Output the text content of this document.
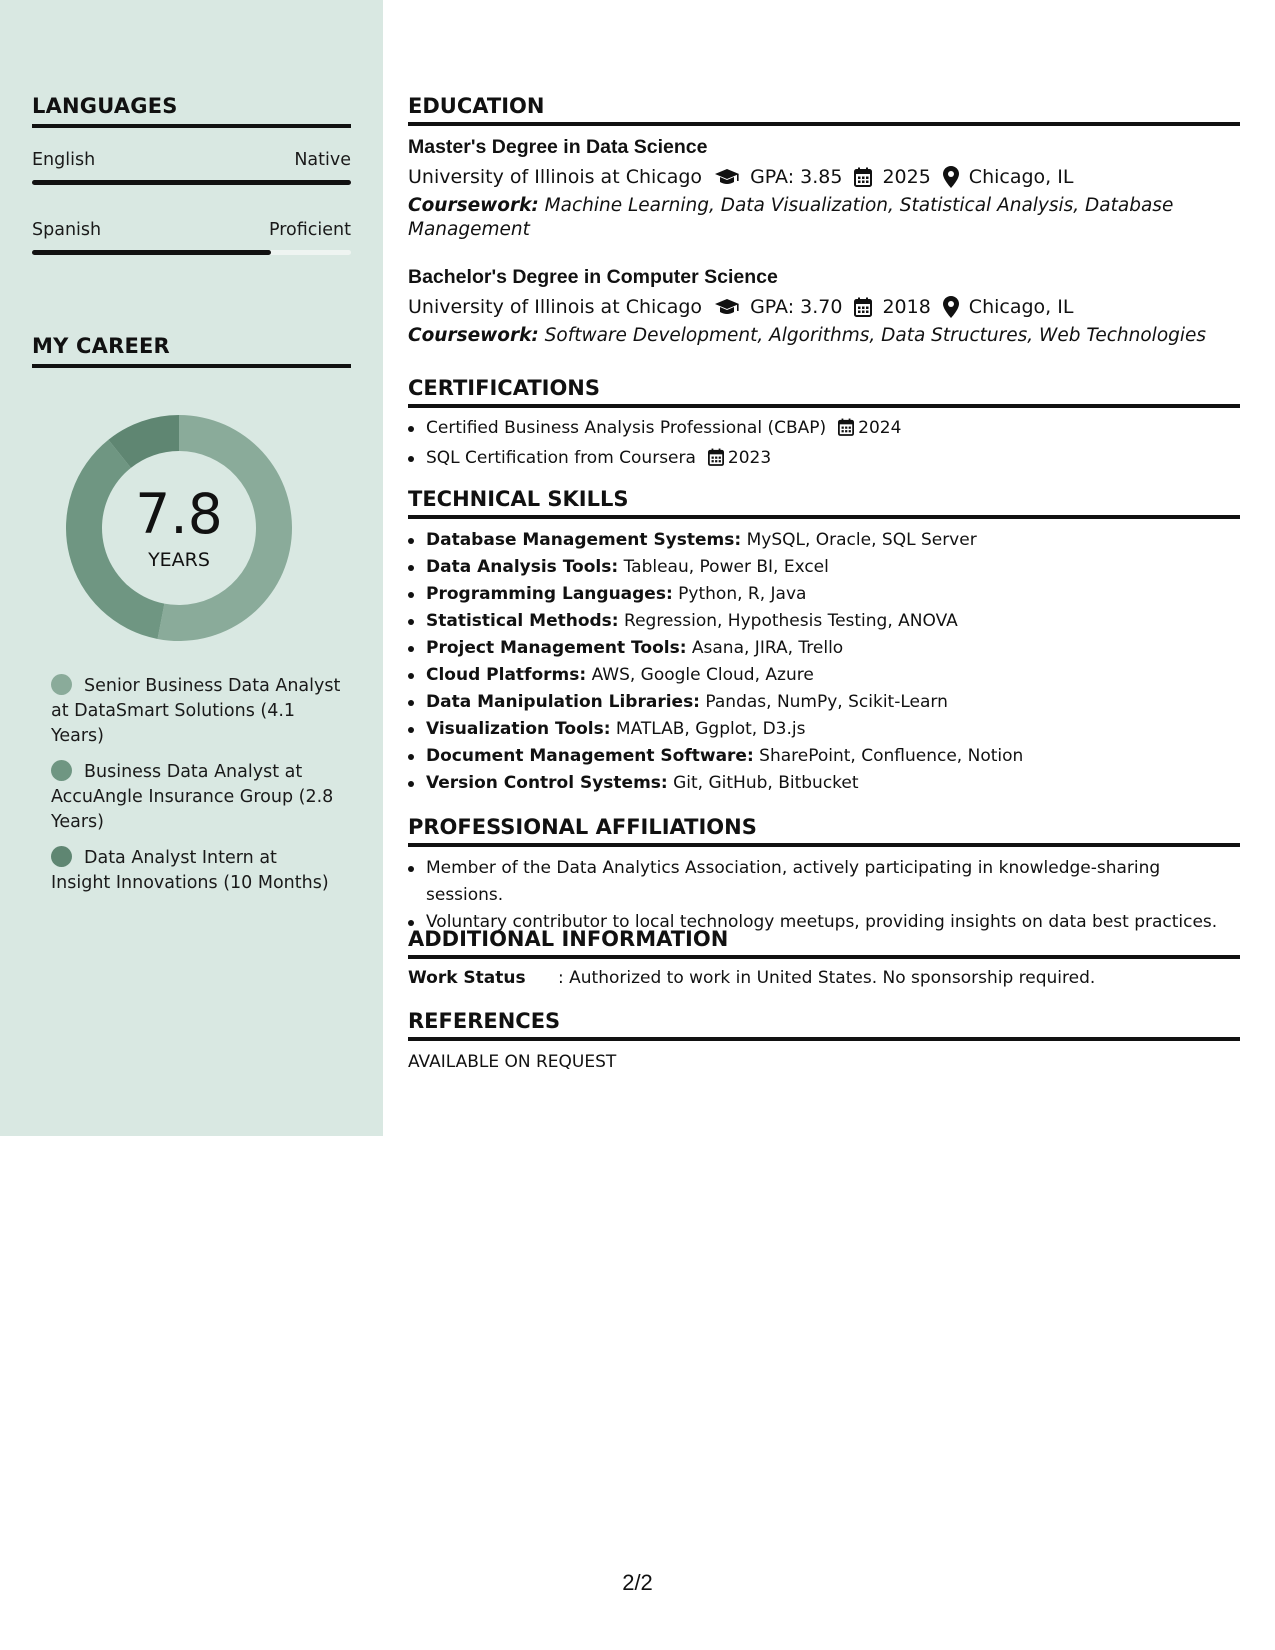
LANGUAGES
English	Native
Spanish	Proficient
MY CAREER
7.8
YEARS
Senior Business Data Analyst at DataSmart Solutions (4.1 Years)
Business Data Analyst at AccuAngle Insurance Group (2.8 Years)
Data Analyst Intern at Insight Innovations (10 Months)
EDUCATION
Master's Degree in Data Science
University of Illinois at Chicago	GPA: 3.85 2025 Chicago, IL
Coursework: Machine Learning, Data Visualization, Statistical Analysis, Database Management
Bachelor's Degree in Computer Science
University of Illinois at Chicago	GPA: 3.70 2018 Chicago, IL
Coursework: Software Development, Algorithms, Data Structures, Web Technologies
CERTIFICATIONS
Certified Business Analysis Professional (CBAP) 2024
SQL Certification from Coursera 2023
TECHNICAL SKILLS
Database Management Systems: MySQL, Oracle, SQL Server
Data Analysis Tools: Tableau, Power BI, Excel
Programming Languages: Python, R, Java
Statistical Methods: Regression, Hypothesis Testing, ANOVA
Project Management Tools: Asana, JIRA, Trello
Cloud Platforms: AWS, Google Cloud, Azure
Data Manipulation Libraries: Pandas, NumPy, Scikit-Learn
Visualization Tools: MATLAB, Ggplot, D3.js
Document Management Software: SharePoint, Confluence, Notion
Version Control Systems: Git, GitHub, Bitbucket
PROFESSIONAL AFFILIATIONS
Member of the Data Analytics Association, actively participating in knowledge-sharing sessions.
Voluntary contributor to local technology meetups, providing insights on data best practices.
ADDITIONAL INFORMATION
Work Status	: Authorized to work in United States. No sponsorship required.
REFERENCES
AVAILABLE ON REQUEST
2/2
